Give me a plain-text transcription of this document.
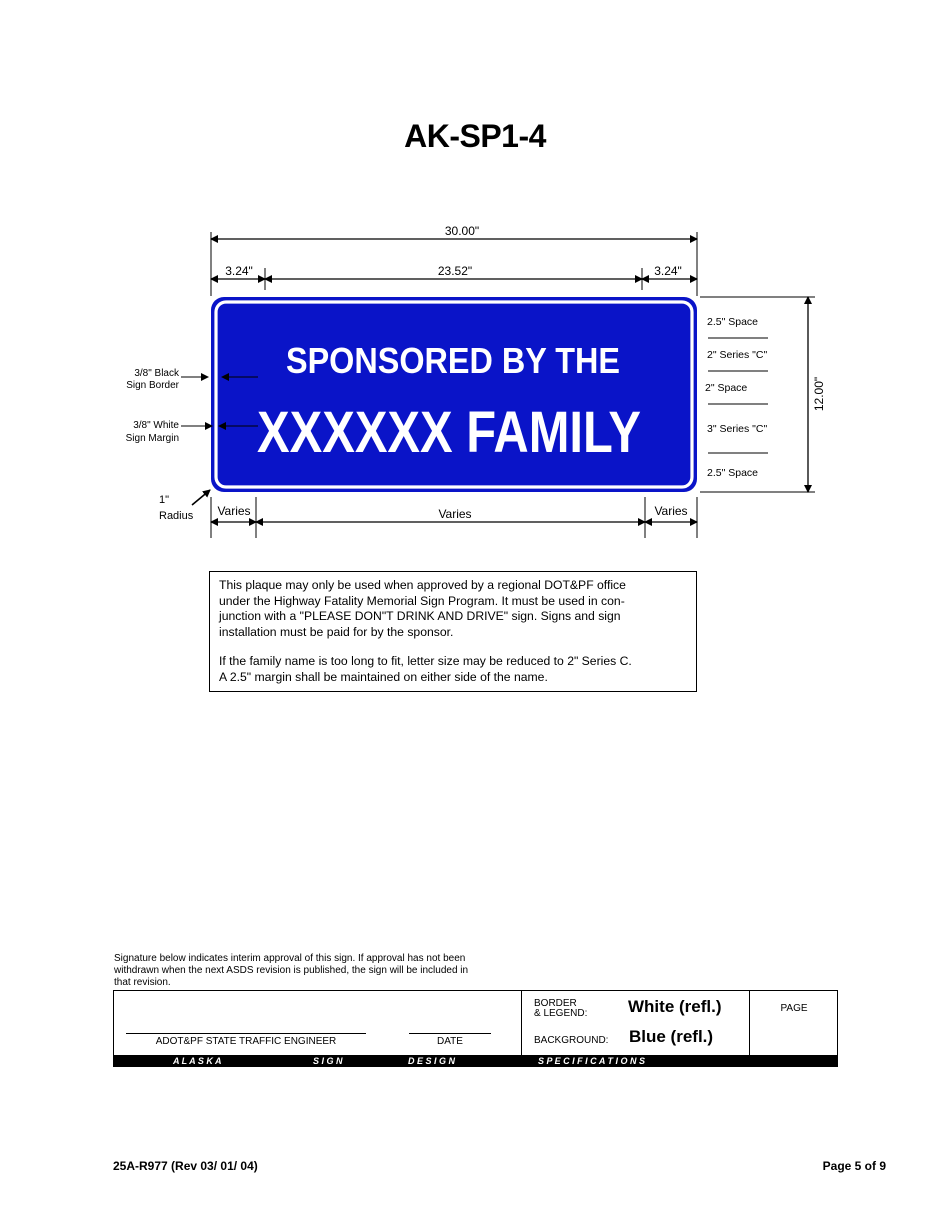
AK-SP1-4
30.00"
3.24"	23.52"	3.24"
12.00"
Varies	Varies	Varies
2.5" Space
2" Series "C"
2" Space
3" Series "C"
2.5" Space
SPONSORED BY THE
XXXXXX FAMILY
3/8" Black
Sign Border
3/8" White
Sign Margin
1"
Radius

This plaque may only be used when approved by a regional DOT&PF office
under the Highway Fatality Memorial Sign Program. It must be used in con-
junction with a "PLEASE DON"T DRINK AND DRIVE" sign. Signs and sign
installation must be paid for by the sponsor.

If the family name is too long to fit, letter size may be reduced to 2" Series C.
A 2.5" margin shall be maintained on either side of the name.

Signature below indicates interim approval of this sign. If approval has not been
withdrawn when the next ASDS revision is published, the sign will be included in
that revision.
ADOT&PF STATE TRAFFIC ENGINEER	DATE
BORDER
& LEGEND: White (refl.)
BACKGROUND: Blue (refl.)
PAGE
A L A S K A	S I G N	D E S I G N	S P E C I F I C A T I O N S
25A-R977 (Rev 03/ 01/ 04)	Page 5 of 9
